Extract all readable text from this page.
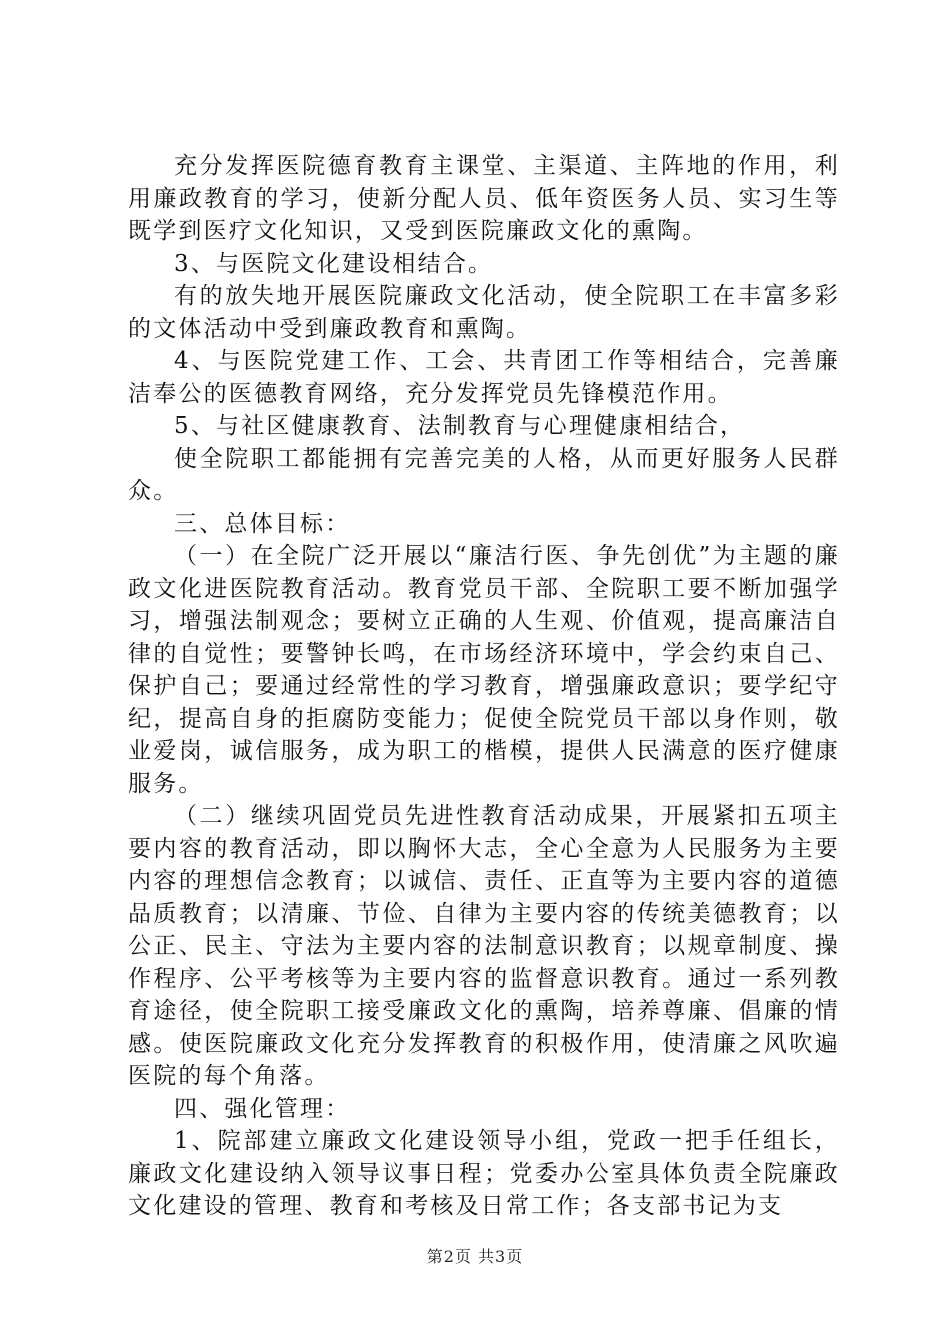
充分发挥医院德育教育主课堂、主渠道、主阵地的作用，利用廉政教育的学习，使新分配人员、低年资医务人员、实习生等既学到医疗文化知识，又受到医院廉政文化的熏陶。

3、与医院文化建设相结合。

有的放失地开展医院廉政文化活动，使全院职工在丰富多彩的文体活动中受到廉政教育和熏陶。

4、与医院党建工作、工会、共青团工作等相结合，完善廉洁奉公的医德教育网络，充分发挥党员先锋模范作用。

5、与社区健康教育、法制教育与心理健康相结合，

使全院职工都能拥有完善完美的人格，从而更好服务人民群众。

三、总体目标：

（一）在全院广泛开展以“廉洁行医、争先创优”为主题的廉政文化进医院教育活动。教育党员干部、全院职工要不断加强学习，增强法制观念；要树立正确的人生观、价值观，提高廉洁自律的自觉性；要警钟长鸣，在市场经济环境中，学会约束自己、保护自己；要通过经常性的学习教育，增强廉政意识；要学纪守纪，提高自身的拒腐防变能力；促使全院党员干部以身作则，敬业爱岗，诚信服务，成为职工的楷模，提供人民满意的医疗健康服务。

（二）继续巩固党员先进性教育活动成果，开展紧扣五项主要内容的教育活动，即以胸怀大志，全心全意为人民服务为主要内容的理想信念教育；以诚信、责任、正直等为主要内容的道德品质教育；以清廉、节俭、自律为主要内容的传统美德教育；以公正、民主、守法为主要内容的法制意识教育；以规章制度、操作程序、公平考核等为主要内容的监督意识教育。通过一系列教育途径，使全院职工接受廉政文化的熏陶，培养尊廉、倡廉的情感。使医院廉政文化充分发挥教育的积极作用，使清廉之风吹遍医院的每个角落。

四、强化管理：

1、院部建立廉政文化建设领导小组，党政一把手任组长，廉政文化建设纳入领导议事日程；党委办公室具体负责全院廉政文化建设的管理、教育和考核及日常工作；各支部书记为支

第2页 共3页
